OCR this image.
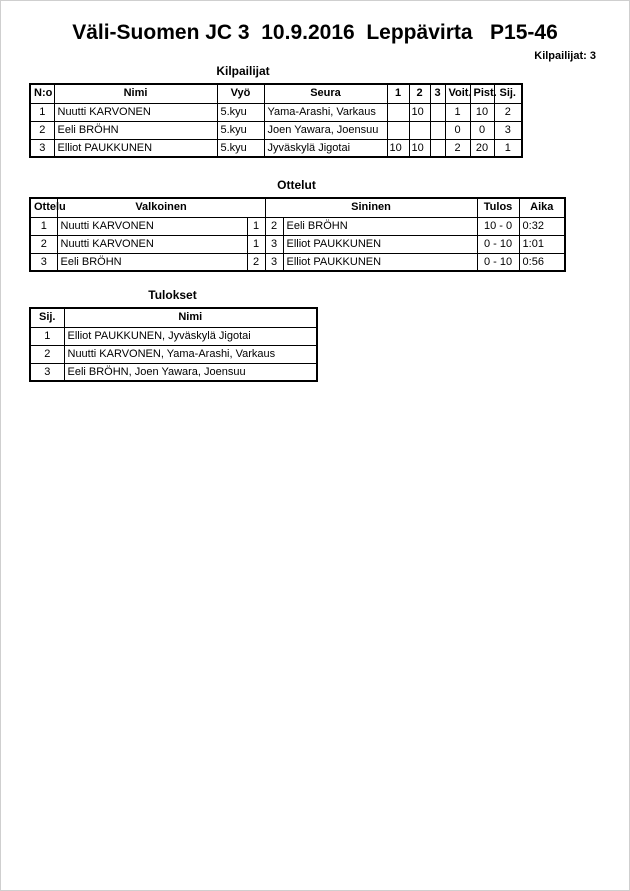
Väli-Suomen JC 3  10.9.2016  Leppävirta   P15-46
Kilpailijat: 3
Kilpailijat
N:o	Nimi	Vyö	Seura	1	2	3	Voit.	Pist.	Sij.
1	Nuutti KARVONEN	5.kyu	Yama-Arashi, Varkaus		10		1	10	2
2	Eeli BRÖHN	5.kyu	Joen Yawara, Joensuu				0	0	3
3	Elliot PAUKKUNEN	5.kyu	Jyväskylä Jigotai	10	10		2	20	1
Ottelut
Ottelu	Valkoinen		Sininen		Tulos	Aika
1	Nuutti KARVONEN	1	2	Eeli BRÖHN	10 - 0	0:32
2	Nuutti KARVONEN	1	3	Elliot PAUKKUNEN	0 - 10	1:01
3	Eeli BRÖHN	2	3	Elliot PAUKKUNEN	0 - 10	0:56
Tulokset
Sij.	Nimi
1	Elliot PAUKKUNEN, Jyväskylä Jigotai
2	Nuutti KARVONEN, Yama-Arashi, Varkaus
3	Eeli BRÖHN, Joen Yawara, Joensuu
